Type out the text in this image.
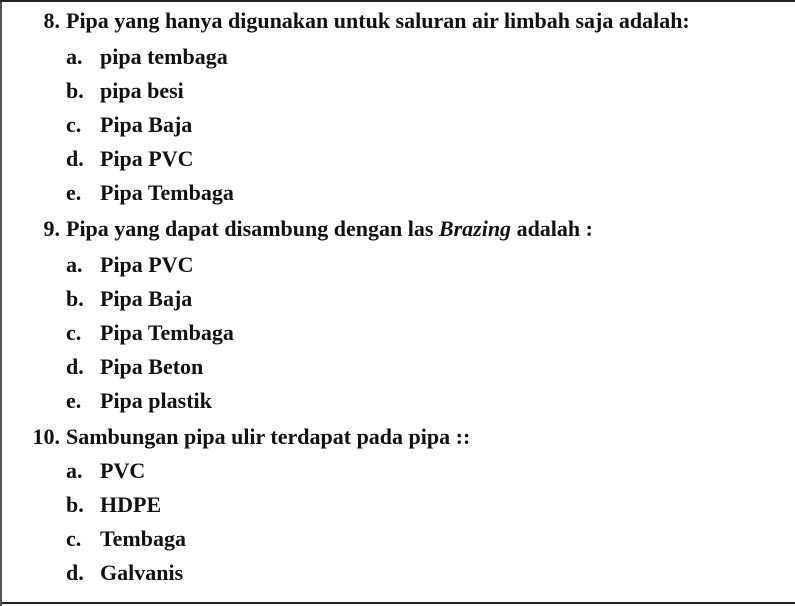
8. Pipa yang hanya digunakan untuk saluran air limbah saja adalah:
a. pipa tembaga
b. pipa besi
c. Pipa Baja
d. Pipa PVC
e. Pipa Tembaga
9. Pipa yang dapat disambung dengan las Brazing adalah :
a. Pipa PVC
b. Pipa Baja
c. Pipa Tembaga
d. Pipa Beton
e. Pipa plastik
10. Sambungan pipa ulir terdapat pada pipa ::
a. PVC
b. HDPE
c. Tembaga
d. Galvanis
